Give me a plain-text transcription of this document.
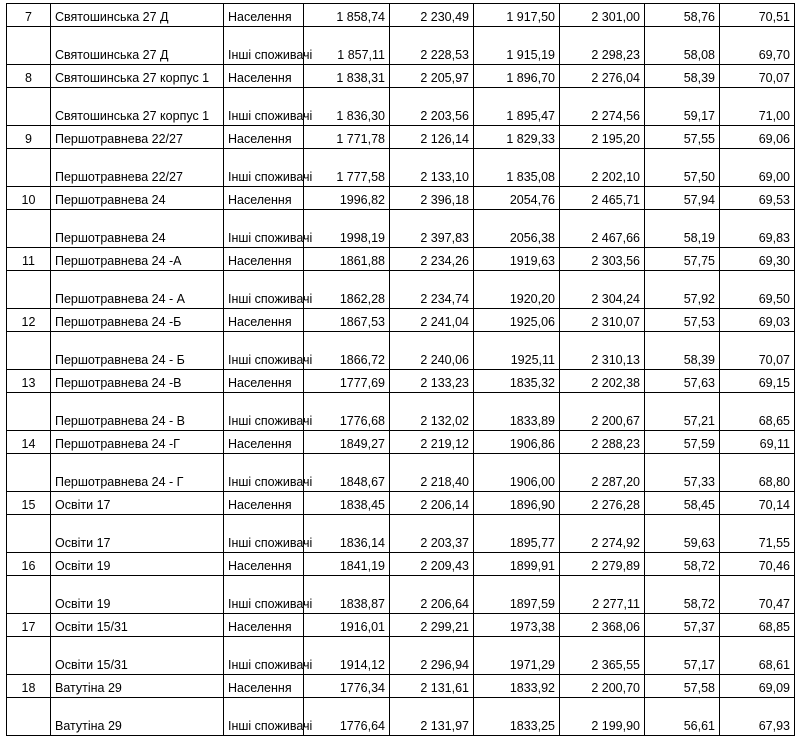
7	Святошинська 27 Д	Населення	1 858,74	2 230,49	1 917,50	2 301,00	58,76	70,51
	Святошинська 27 Д	Інші споживачі	1 857,11	2 228,53	1 915,19	2 298,23	58,08	69,70
8	Святошинська 27 корпус 1	Населення	1 838,31	2 205,97	1 896,70	2 276,04	58,39	70,07
	Святошинська 27 корпус 1	Інші споживачі	1 836,30	2 203,56	1 895,47	2 274,56	59,17	71,00
9	Першотравнева 22/27	Населення	1 771,78	2 126,14	1 829,33	2 195,20	57,55	69,06
	Першотравнева 22/27	Інші споживачі	1 777,58	2 133,10	1 835,08	2 202,10	57,50	69,00
10	Першотравнева 24	Населення	1996,82	2 396,18	2054,76	2 465,71	57,94	69,53
	Першотравнева 24	Інші споживачі	1998,19	2 397,83	2056,38	2 467,66	58,19	69,83
11	Першотравнева 24 -А	Населення	1861,88	2 234,26	1919,63	2 303,56	57,75	69,30
	Першотравнева 24 - А	Інші споживачі	1862,28	2 234,74	1920,20	2 304,24	57,92	69,50
12	Першотравнева 24 -Б	Населення	1867,53	2 241,04	1925,06	2 310,07	57,53	69,03
	Першотравнева 24 - Б	Інші споживачі	1866,72	2 240,06	1925,11	2 310,13	58,39	70,07
13	Першотравнева 24 -В	Населення	1777,69	2 133,23	1835,32	2 202,38	57,63	69,15
	Першотравнева 24 - В	Інші споживачі	1776,68	2 132,02	1833,89	2 200,67	57,21	68,65
14	Першотравнева 24 -Г	Населення	1849,27	2 219,12	1906,86	2 288,23	57,59	69,11
	Першотравнева 24 - Г	Інші споживачі	1848,67	2 218,40	1906,00	2 287,20	57,33	68,80
15	Освіти 17	Населення	1838,45	2 206,14	1896,90	2 276,28	58,45	70,14
	Освіти 17	Інші споживачі	1836,14	2 203,37	1895,77	2 274,92	59,63	71,55
16	Освіти 19	Населення	1841,19	2 209,43	1899,91	2 279,89	58,72	70,46
	Освіти 19	Інші споживачі	1838,87	2 206,64	1897,59	2 277,11	58,72	70,47
17	Освіти 15/31	Населення	1916,01	2 299,21	1973,38	2 368,06	57,37	68,85
	Освіти 15/31	Інші споживачі	1914,12	2 296,94	1971,29	2 365,55	57,17	68,61
18	Ватутіна 29	Населення	1776,34	2 131,61	1833,92	2 200,70	57,58	69,09
	Ватутіна 29	Інші споживачі	1776,64	2 131,97	1833,25	2 199,90	56,61	67,93
